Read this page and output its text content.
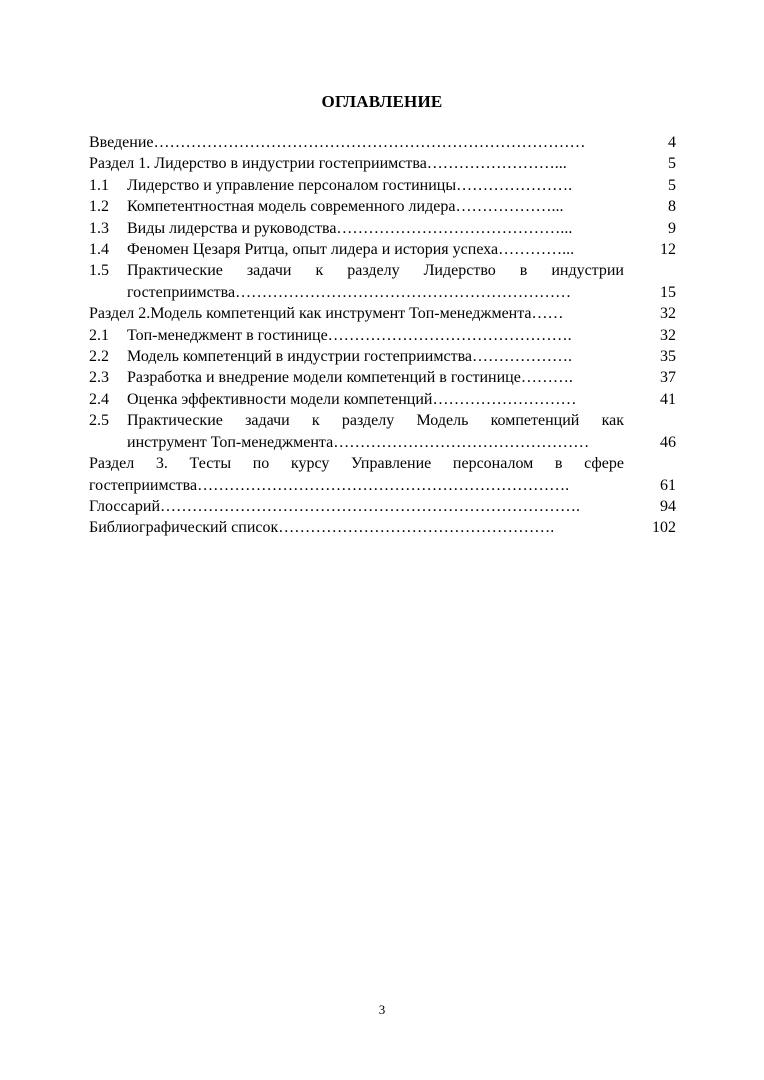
ОГЛАВЛЕНИЕ
Введение………………………………………………………………………	4
Раздел 1. Лидерство в индустрии гостеприимства……………………...	5
1.1	Лидерство и управление персоналом гостиницы………………….	5
1.2	Компетентностная модель современного лидера………………...	8
1.3	Виды лидерства и руководства……………………………………...	9
1.4	Феномен Цезаря Ритца, опыт лидера и история успеха…………...	12
1.5	Практические задачи к разделу Лидерство в индустрии
гостеприимства………………………………………………………	15
Раздел 2.Модель компетенций как инструмент Топ-менеджмента……	32
2.1	Топ-менеджмент в гостинице……………………………………….	32
2.2	Модель компетенций в индустрии гостеприимства……………….	35
2.3	Разработка и внедрение модели компетенций в гостинице……….	37
2.4	Оценка эффективности модели компетенций………………………	41
2.5	Практические задачи к разделу Модель компетенций как
инструмент Топ-менеджмента…………………………………………	46
Раздел 3. Тесты по курсу Управление персоналом в сфере
гостеприимства…………………………………………………………….	61
Глоссарий…………………………………………………………………….	94
Библиографический список…………………………………………….	102
3
